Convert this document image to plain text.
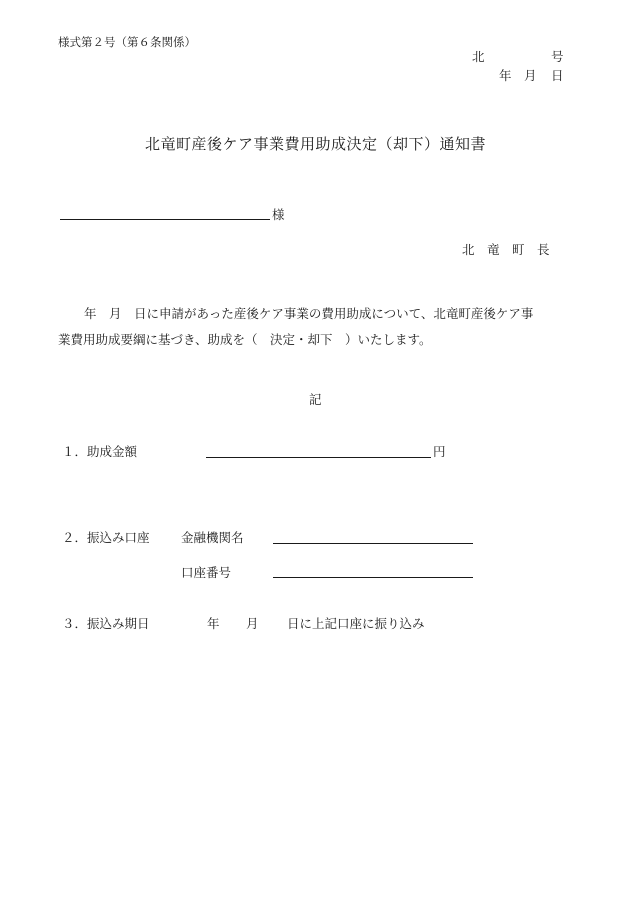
様式第２号（第６条関係）
北	号
年 月 日
北竜町産後ケア事業費用助成決定（却下）通知書
様
北　竜　町　長
年　月　日に申請があった産後ケア事業の費用助成について、北竜町産後ケア事
業費用助成要綱に基づき、助成を（　決定・却下　）いたします。
記
１．助成金額	円
２．振込み口座	金融機関名
口座番号
３．振込み期日	年 月 日に上記口座に振り込み
